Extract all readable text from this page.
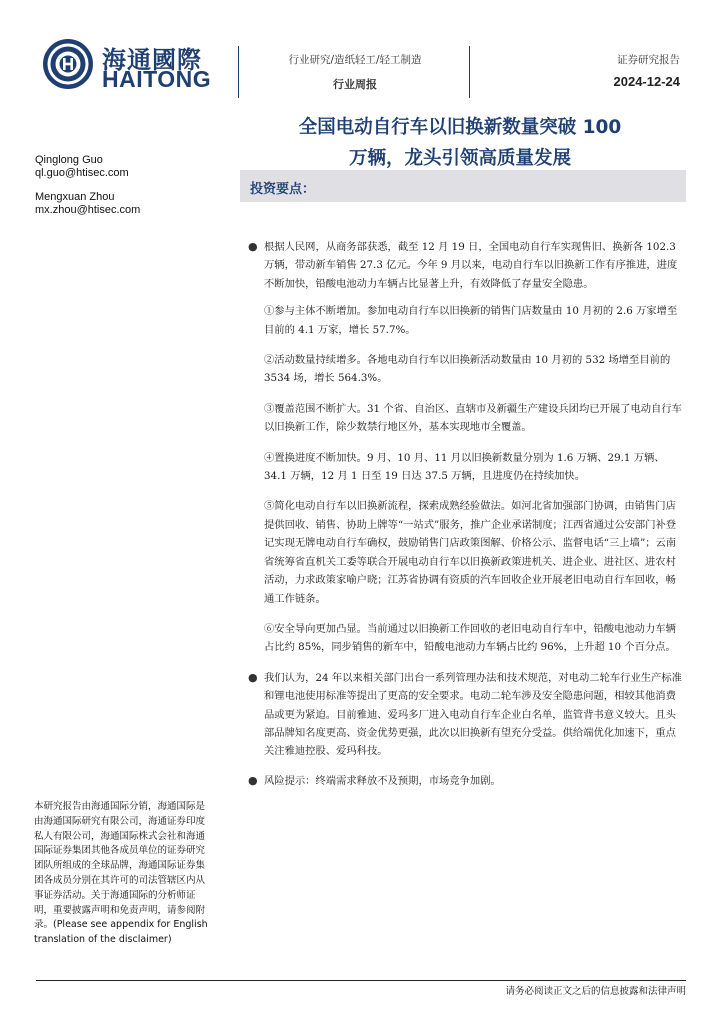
海通國際
HAITONG
行业研究/造纸轻工/轻工制造
行业周报
证券研究报告
2024-12-24
全国电动自行车以旧换新数量突破 100
万辆，龙头引领高质量发展
Qinglong Guo
ql.guo@htisec.com
Mengxuan Zhou
mx.zhou@htisec.com
投资要点：
● 根据人民网，从商务部获悉，截至 12 月 19 日，全国电动自行车实现售旧、换新各 102.3 万辆，带动新车销售 27.3 亿元。今年 9 月以来，电动自行车以旧换新工作有序推进，进度不断加快，铅酸电池动力车辆占比显著上升，有效降低了存量安全隐患。
①参与主体不断增加。参加电动自行车以旧换新的销售门店数量由 10 月初的 2.6 万家增至目前的 4.1 万家，增长 57.7%。
②活动数量持续增多。各地电动自行车以旧换新活动数量由 10 月初的 532 场增至目前的 3534 场，增长 564.3%。
③覆盖范围不断扩大。31 个省、自治区、直辖市及新疆生产建设兵团均已开展了电动自行车以旧换新工作，除少数禁行地区外，基本实现地市全覆盖。
④置换进度不断加快。9 月、10 月、11 月以旧换新数量分别为 1.6 万辆、29.1 万辆、34.1 万辆，12 月 1 日至 19 日达 37.5 万辆，且进度仍在持续加快。
⑤简化电动自行车以旧换新流程，探索成熟经验做法。如河北省加强部门协调，由销售门店提供回收、销售、协助上牌等“一站式”服务，推广企业承诺制度；江西省通过公安部门补登记实现无牌电动自行车确权，鼓励销售门店政策图解、价格公示、监督电话“三上墙”；云南省统筹省直机关工委等联合开展电动自行车以旧换新政策进机关、进企业、进社区、进农村活动，力求政策家喻户晓；江苏省协调有资质的汽车回收企业开展老旧电动自行车回收，畅通工作链条。
⑥安全导向更加凸显。当前通过以旧换新工作回收的老旧电动自行车中，铅酸电池动力车辆占比约 85%，同步销售的新车中，铅酸电池动力车辆占比约 96%，上升超 10 个百分点。
● 我们认为，24 年以来相关部门出台一系列管理办法和技术规范，对电动二轮车行业生产标准和锂电池使用标准等提出了更高的安全要求。电动二轮车涉及安全隐患问题，相较其他消费品或更为紧迫。目前雅迪、爱玛多厂进入电动自行车企业白名单，监管背书意义较大。且头部品牌知名度更高、资金优势更强，此次以旧换新有望充分受益。供给端优化加速下，重点关注雅迪控股、爱玛科技。
● 风险提示：终端需求释放不及预期，市场竞争加剧。
本研究报告由海通国际分销，海通国际是由海通国际研究有限公司，海通证券印度私人有限公司，海通国际株式会社和海通国际证券集团其他各成员单位的证券研究团队所组成的全球品牌，海通国际证券集团各成员分别在其许可的司法管辖区内从事证券活动。关于海通国际的分析师证明，重要披露声明和免责声明，请参阅附录。(Please see appendix for English translation of the disclaimer)
请务必阅读正文之后的信息披露和法律声明
